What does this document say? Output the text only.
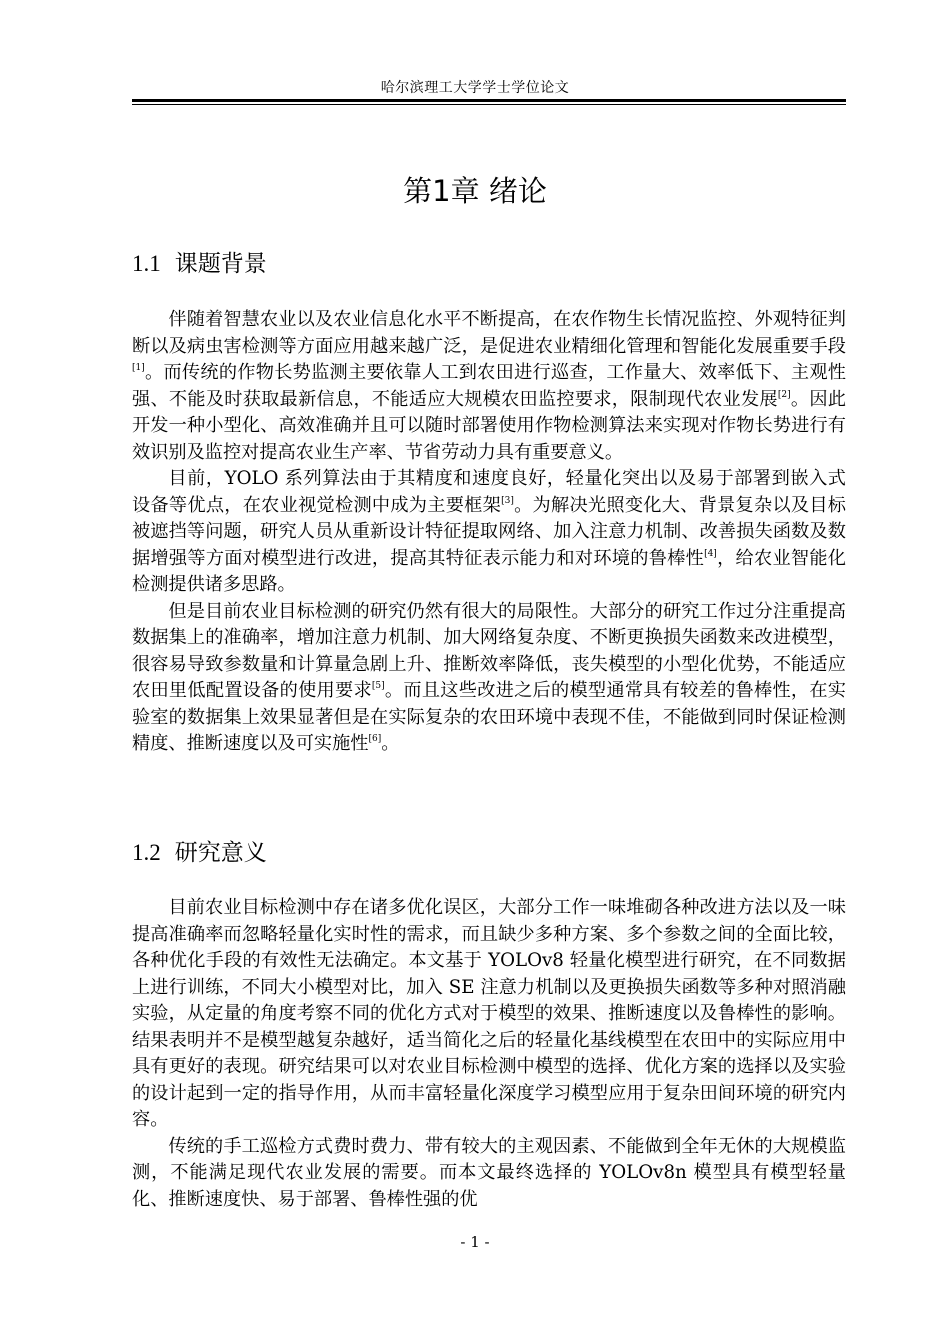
哈尔滨理工大学学士学位论文
第1章 绪论
1.1 课题背景

伴随着智慧农业以及农业信息化水平不断提高，在农作物生长情况监控、外观特征判断以及病虫害检测等方面应用越来越广泛，是促进农业精细化管理和智能化发展重要手段[1]。而传统的作物长势监测主要依靠人工到农田进行巡查，工作量大、效率低下、主观性强、不能及时获取最新信息，不能适应大规模农田监控要求，限制现代农业发展[2]。因此开发一种小型化、高效准确并且可以随时部署使用作物检测算法来实现对作物长势进行有效识别及监控对提高农业生产率、节省劳动力具有重要意义。

目前，YOLO 系列算法由于其精度和速度良好，轻量化突出以及易于部署到嵌入式设备等优点，在农业视觉检测中成为主要框架[3]。为解决光照变化大、背景复杂以及目标被遮挡等问题，研究人员从重新设计特征提取网络、加入注意力机制、改善损失函数及数据增强等方面对模型进行改进，提高其特征表示能力和对环境的鲁棒性[4]，给农业智能化检测提供诸多思路。

但是目前农业目标检测的研究仍然有很大的局限性。大部分的研究工作过分注重提高数据集上的准确率，增加注意力机制、加大网络复杂度、不断更换损失函数来改进模型，很容易导致参数量和计算量急剧上升、推断效率降低，丧失模型的小型化优势，不能适应农田里低配置设备的使用要求[5]。而且这些改进之后的模型通常具有较差的鲁棒性，在实验室的数据集上效果显著但是在实际复杂的农田环境中表现不佳，不能做到同时保证检测精度、推断速度以及可实施性[6]。

1.2 研究意义

目前农业目标检测中存在诸多优化误区，大部分工作一味堆砌各种改进方法以及一味提高准确率而忽略轻量化实时性的需求，而且缺少多种方案、多个参数之间的全面比较，各种优化手段的有效性无法确定。本文基于 YOLOv8 轻量化模型进行研究，在不同数据上进行训练，不同大小模型对比，加入 SE 注意力机制以及更换损失函数等多种对照消融实验，从定量的角度考察不同的优化方式对于模型的效果、推断速度以及鲁棒性的影响。结果表明并不是模型越复杂越好，适当简化之后的轻量化基线模型在农田中的实际应用中具有更好的表现。研究结果可以对农业目标检测中模型的选择、优化方案的选择以及实验的设计起到一定的指导作用，从而丰富轻量化深度学习模型应用于复杂田间环境的研究内容。

传统的手工巡检方式费时费力、带有较大的主观因素、不能做到全年无休的大规模监测，不能满足现代农业发展的需要。而本文最终选择的 YOLOv8n 模型具有模型轻量化、推断速度快、易于部署、鲁棒性强的优

- 1 -
